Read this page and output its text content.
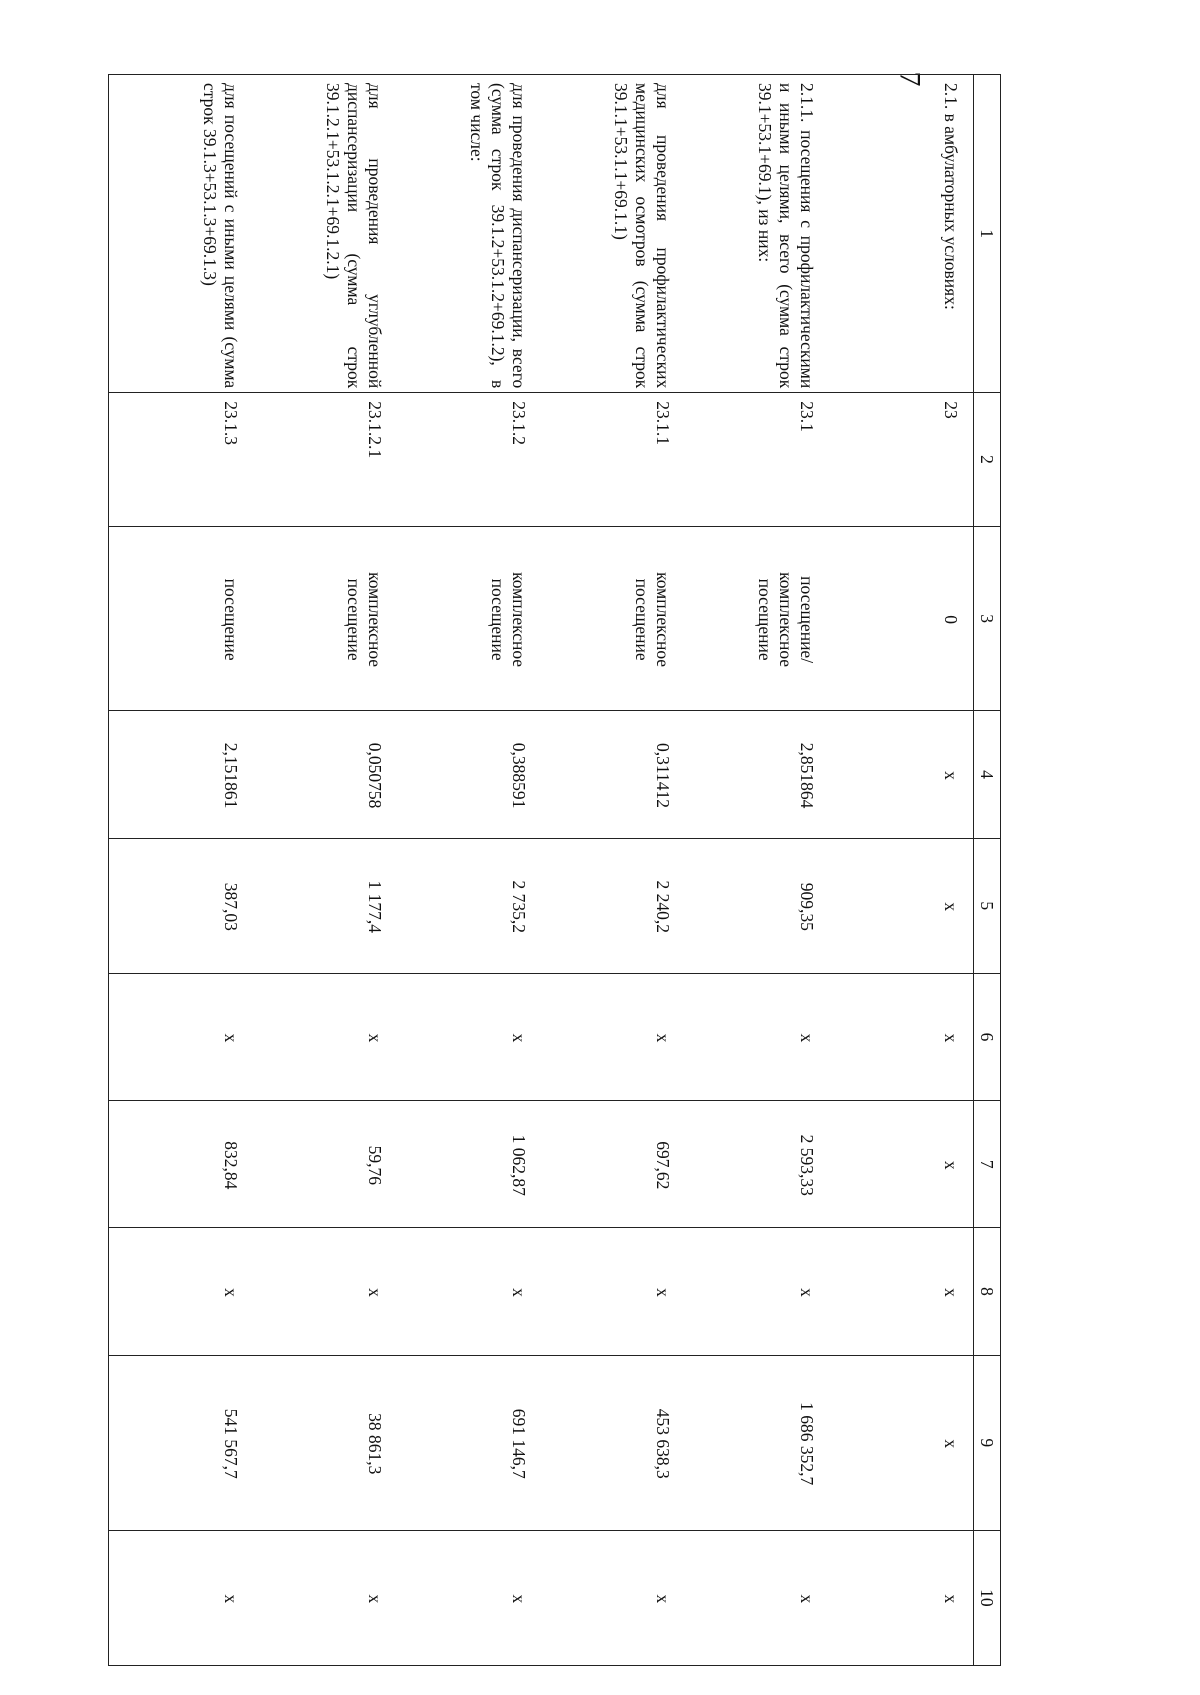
7
1	2	3	4	5	6	7	8	9	10
2.1. в амбулаторных условиях:	23	0	x	x	x	x	x	x	x
2.1.1. посещения с профилактическими и иными целями, всего (сумма строк 39.1+53.1+69.1), из них:	23.1	посещение/ комплексное посещение	2,851864	909,35	x	2 593,33	x	1 686 352,7	x
для проведения профилактических медицинских осмотров (сумма строк 39.1.1+53.1.1+69.1.1)	23.1.1	комплексное посещение	0,311412	2 240,2	x	697,62	x	453 638,3	x
для проведения диспансеризации, всего (сумма строк 39.1.2+53.1.2+69.1.2), в том числе:	23.1.2	комплексное посещение	0,388591	2 735,2	x	1 062,87	x	691 146,7	x
для проведения углубленной диспансеризации (сумма строк 39.1.2.1+53.1.2.1+69.1.2.1)	23.1.2.1	комплексное посещение	0,050758	1 177,4	x	59,76	x	38 861,3	x
для посещений с иными целями (сумма строк 39.1.3+53.1.3+69.1.3)	23.1.3	посещение	2,151861	387,03	x	832,84	x	541 567,7	x
